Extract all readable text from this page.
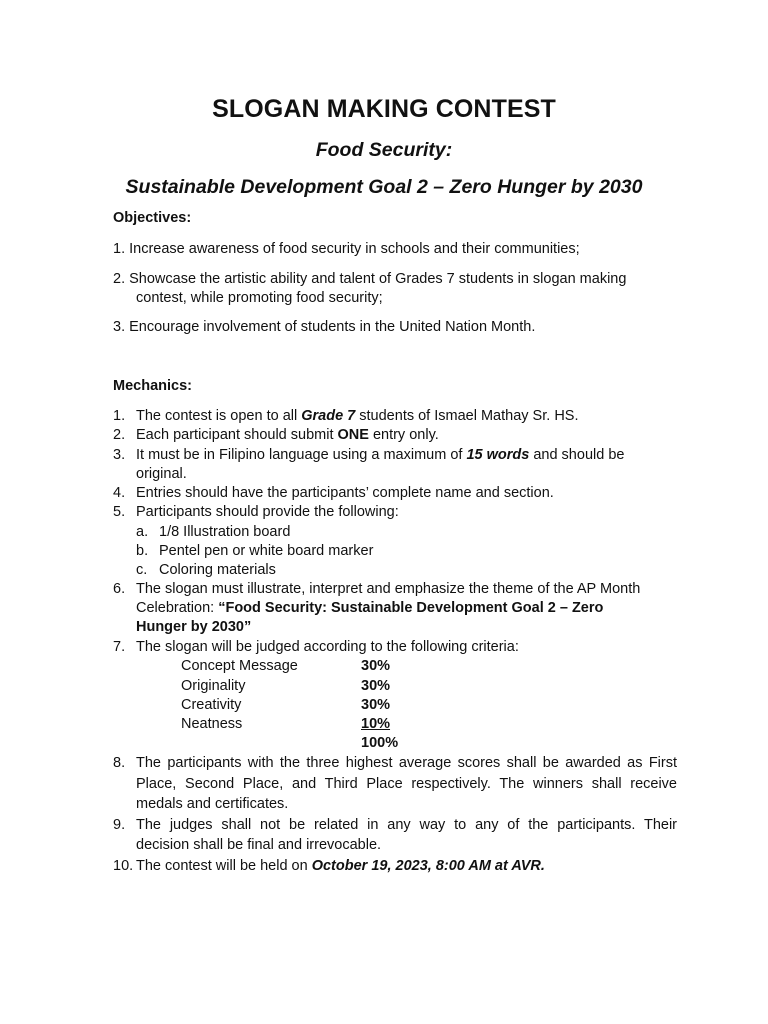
SLOGAN MAKING CONTEST
Food Security:
Sustainable Development Goal 2 – Zero Hunger by 2030
Objectives:
1. Increase awareness of food security in schools and their communities;
2. Showcase the artistic ability and talent of Grades 7 students in slogan making
contest, while promoting food security;
3. Encourage involvement of students in the United Nation Month.
Mechanics:
1. The contest is open to all Grade 7 students of Ismael Mathay Sr. HS.
2. Each participant should submit ONE entry only.
3. It must be in Filipino language using a maximum of 15 words and should be
original.
4. Entries should have the participants’ complete name and section.
5. Participants should provide the following:
a. 1/8 Illustration board
b. Pentel pen or white board marker
c. Coloring materials
6. The slogan must illustrate, interpret and emphasize the theme of the AP Month
Celebration: “Food Security: Sustainable Development Goal 2 – Zero
Hunger by 2030”
7. The slogan will be judged according to the following criteria:
Concept Message	30%
Originality	30%
Creativity	30%
Neatness	10%
100%
8. The participants with the three highest average scores shall be awarded as First
Place, Second Place, and Third Place respectively. The winners shall receive
medals and certificates.
9. The judges shall not be related in any way to any of the participants. Their
decision shall be final and irrevocable.
10. The contest will be held on October 19, 2023, 8:00 AM at AVR.
